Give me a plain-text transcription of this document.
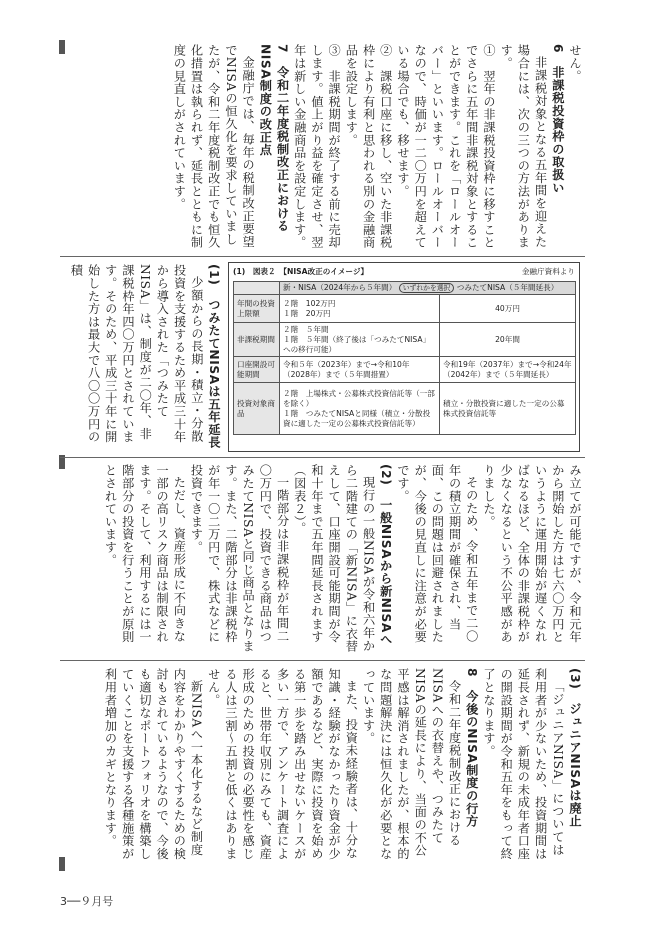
せん。

6　非課税投資枠の取扱い

非課税対象となる五年間を迎えた場合には、次の三つの方法があります。

①　翌年の非課税投資枠に移すことでさらに五年間非課税対象とすることができます。これを「ロールオーバー」といいます。ロールオーバーなので、時価が一二〇万円を超えている場合でも、移せます。

②　課税口座に移し、空いた非課税枠により有利と思われる別の金融商品を設定します。

③　非課税期間が終了する前に売却します。値上がり益を確定させ、翌年は新しい金融商品を設定します。

7　令和二年度税制改正におけるNISA制度の改正点

金融庁では、毎年の税制改正要望でNISAの恒久化を要求していましたが、令和二年度税制改正でも恒久化措置は執られず、延長とともに制度の見直しがされています。

(1)　 図表２　【NISA改正のイメージ】	金融庁資料より
	新・NISA（2024年から５年間） いずれかを選択 つみたてNISA（５年間延長）	
年間の投資上限額	２階　102万円
１階　20万円	40万円
非課税期間	２階　５年間
１階　５年間（終了後は「つみたてNISA」への移行可能）	20年間
口座開設可能期間	令和５年（2023年）まで→令和10年（2028年）まで（５年間措置）	令和19年（2037年）まで→令和24年（2042年）まで（５年間延長）
投資対象商品	２階　上場株式・公募株式投資信託等（一部を除く）
１階　つみたてNISAと同様（積立・分散投資に適した一定の公募株式投資信託等）	積立・分散投資に適した一定の公募株式投資信託等

(1)　つみたてNISAは五年延長

少額からの長期・積立・分散投資を支援するため平成三十年から導入された「つみたてNISA」は、制度が二〇年、非課税枠年四〇万円とされています。そのため、平成三十年に開始した方は最大で八〇〇万円の積

み立てが可能ですが、令和元年から開始した方は七六〇万円というように運用開始が遅くなればなるほど、全体の非課税枠が少なくなるという不公平感がありました。

そのため、令和五年まで二〇年の積立期間が確保され、当面、この問題は回避されましたが、今後の見直しに注意が必要です。

(2)　一般NISAから新NISAへ

現行の一般NISAが令和六年から二階建ての「新NISA」に衣替えして、口座開設可能期間が令和十年まで五年間延長されます（図表２）。

一階部分は非課税枠が年間二〇万円で、投資できる商品はつみたてNISAと同じ商品となります。また、二階部分は非課税枠が年一〇二万円で、株式などに投資できます。

ただし、資産形成に不向きな一部の高リスク商品は制限されます。そして、利用するには一階部分の投資を行うことが原則とされています。

(3)　ジュニアNISAは廃止

「ジュニアNISA」については利用者が少ないため、投資期間は延長されず、新規の未成年者口座の開設期間が令和五年をもって終了となります。

8　今後のNISA制度の行方

令和二年度税制改正におけるNISAへの衣替えや、つみたてNISAの延長により、当面の不公平感は解消されましたが、根本的な問題解決には恒久化が必要となっています。

また、投資未経験者は、十分な知識・経験がなかったり資金が少額であるなど、実際に投資を始める第一歩を踏み出せないケースが多い一方で、アンケート調査によると、世帯年収別にみても、資産形成のための投資の必要性を感じる人は三割〜五割と低くはありません。

新NISAへ一本化するなど制度内容をわかりやすくするための検討もされているようなので、今後も適切なポートフォリオを構築していくことを支援する各種施策が利用者増加のカギとなります。

3──９月号
